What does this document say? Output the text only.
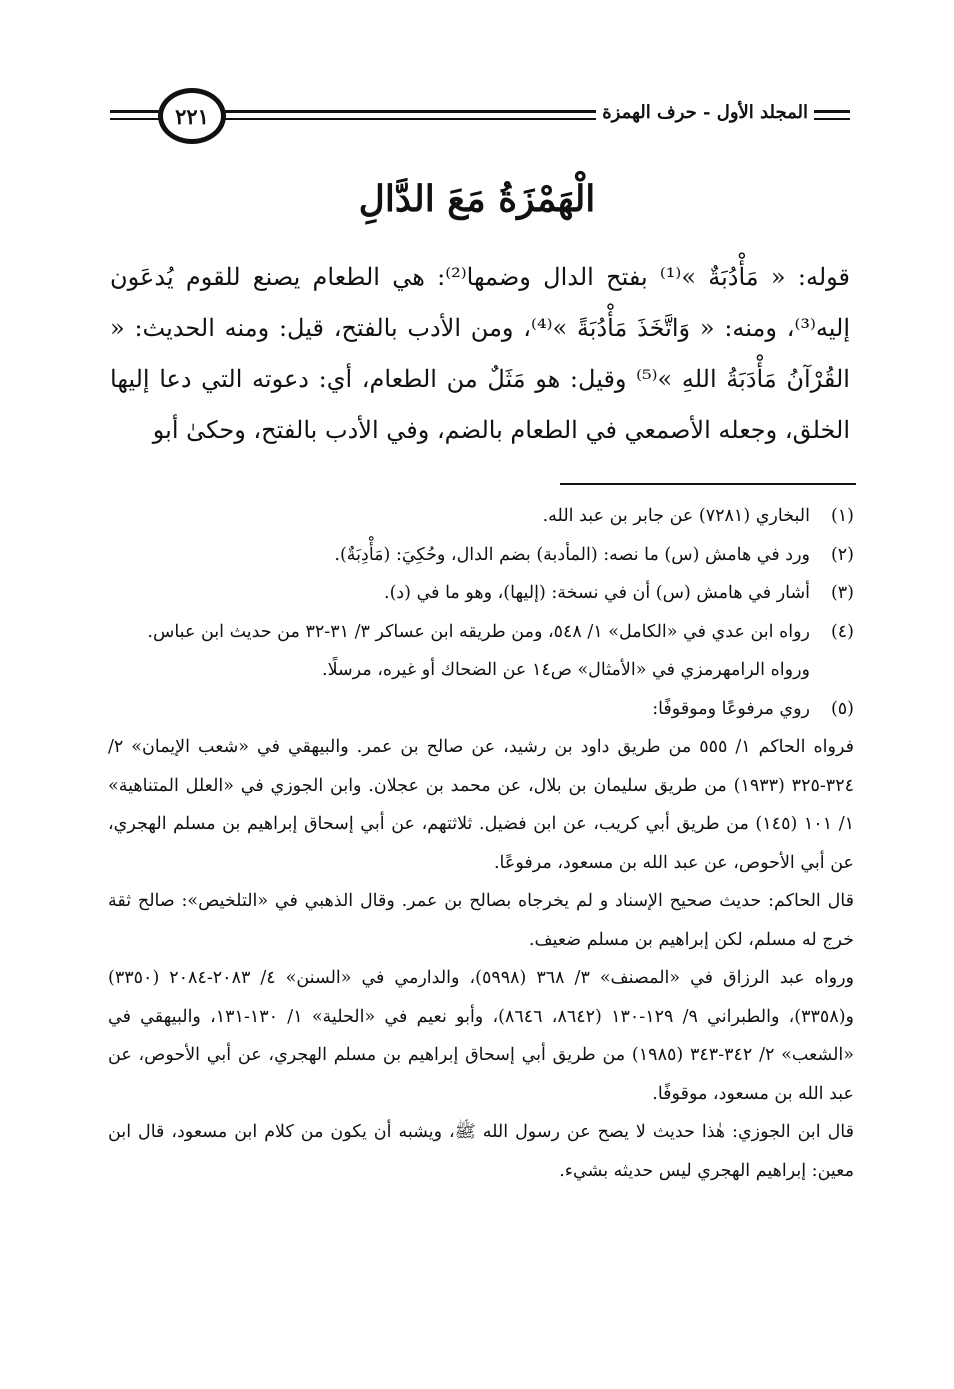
٢٢١	المجلد الأول - حرف الهمزة
الْهَمْزَةُ مَعَ الدَّالِ

قوله: « مَأْدُبَةٌ »⁽¹⁾ بفتح الدال وضمها⁽²⁾: هي الطعام يصنع للقوم يُدعَون إليه⁽³⁾، ومنه: « وَاتَّخَذَ مَأْدُبَةً »⁽⁴⁾، ومن الأدب بالفتح، قيل: ومنه الحديث: « القُرْآنُ مَأْدَبَةُ اللهِ »⁽⁵⁾ وقيل: هو مَثَلٌ من الطعام، أي: دعوته التي دعا إليها الخلق، وجعله الأصمعي في الطعام بالضم، وفي الأدب بالفتح، وحكىٰ أبو

(١)
البخاري (٧٢٨١) عن جابر بن عبد الله.

(٢)
ورد في هامش (س) ما نصه: (المأدبة) بضم الدال، وحُكِيَ: (مَأْدِبَةٌ).

(٣)
أشار في هامش (س) أن في نسخة: (إليها)، وهو ما في (د).

(٤)
رواه ابن عدي في «الكامل» ١/ ٥٤٨، ومن طريقه ابن عساكر ٣/ ٣١-٣٢ من حديث ابن عباس. ورواه الرامهرمزي في «الأمثال» ص١٤ عن الضحاك أو غيره، مرسلًا.

(٥)
روي مرفوعًا وموقوفًا:

فرواه الحاكم ١/ ٥٥٥ من طريق داود بن رشيد، عن صالح بن عمر. والبيهقي في «شعب الإيمان» ٢/ ٣٢٤-٣٢٥ (١٩٣٣) من طريق سليمان بن بلال، عن محمد بن عجلان. وابن الجوزي في «العلل المتناهية» ١/ ١٠١ (١٤٥) من طريق أبي كريب، عن ابن فضيل. ثلاثتهم، عن أبي إسحاق إبراهيم بن مسلم الهجري، عن أبي الأحوص، عن عبد الله بن مسعود، مرفوعًا.

قال الحاكم: حديث صحيح الإسناد و لم يخرجاه بصالح بن عمر. وقال الذهبي في «التلخيص»: صالح ثقة خرج له مسلم، لكن إبراهيم بن مسلم ضعيف.

ورواه عبد الرزاق في «المصنف» ٣/ ٣٦٨ (٥٩٩٨)، والدارمي في «السنن» ٤/ ٢٠٨٣-٢٠٨٤ (٣٣٥٠) و(٣٣٥٨)، والطبراني ٩/ ١٢٩-١٣٠ (٨٦٤٢، ٨٦٤٦)، وأبو نعيم في «الحلية» ١/ ١٣٠-١٣١، والبيهقي في «الشعب» ٢/ ٣٤٢-٣٤٣ (١٩٨٥) من طريق أبي إسحاق إبراهيم بن مسلم الهجري، عن أبي الأحوص، عن عبد الله بن مسعود، موقوفًا.

قال ابن الجوزي: هٰذا حديث لا يصح عن رسول الله ﷺ، ويشبه أن يكون من كلام ابن مسعود، قال ابن معين: إبراهيم الهجري ليس حديثه بشيء.
